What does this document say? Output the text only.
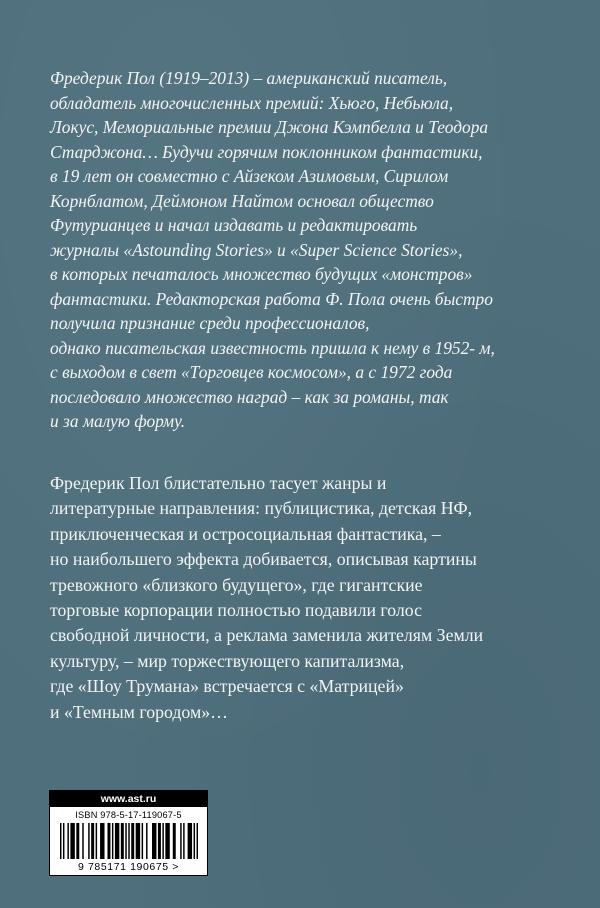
Фредерик Пол (1919–2013) – американский писатель,
обладатель многочисленных премий: Хьюго, Небьюла,
Локус, Мемориальные премии Джона Кэмпбелла и Теодора
Старджона… Будучи горячим поклонником фантастики,
в 19 лет он совместно с Айзеком Азимовым, Сирилом
Корнблатом, Деймоном Найтом основал общество
Футурианцев и начал издавать и редактировать
журналы «Astounding Stories» и «Super Science Stories»,
в которых печаталось множество будущих «монстров»
фантастики. Редакторская работа Ф. Пола очень быстро
получила признание среди профессионалов,
однако писательская известность пришла к нему в 1952- м,
с выходом в свет «Торговцев космосом», а с 1972 года
последовало множество наград – как за романы, так
и за малую форму.
Фредерик Пол блистательно тасует жанры и
литературные направления: публицистика, детская НФ,
приключенческая и остросоциальная фантастика, –
но наибольшего эффекта добивается, описывая картины
тревожного «близкого будущего», где гигантские
торговые корпорации полностью подавили голос
свободной личности, а реклама заменила жителям Земли
культуру, – мир торжествующего капитализма,
где «Шоу Трумана» встречается с «Матрицей»
и «Темным городом»…
www.ast.ru
ISBN 978-5-17-119067-5
9 785171 190675 >
